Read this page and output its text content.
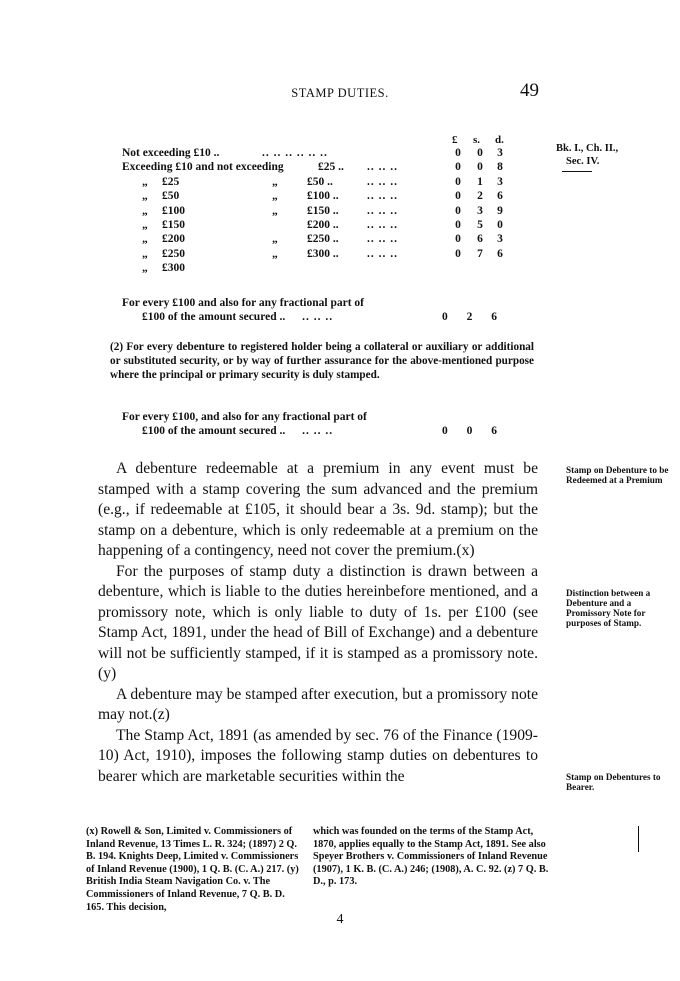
STAMP DUTIES.	49
Bk. I., Ch. II.,
Sec. IV.
£ s. d.
Not exceeding £10 ..	.. .. .. .. .. ..	0 0 3
Exceeding £10 and not exceeding	£25 .. .. .. ..	0 0 8
„ £25	„	£50 ..	.. .. ..	0 1 3
„ £50	„	£100 .. .. .. ..	0 2 6
„ £100	„	£150 .. .. .. ..	0 3 9
„ £150	£200 .. .. .. ..	0 5 0
„ £200	„	£250 .. .. .. ..	0 6 3
„ £250	„	£300 .. .. .. ..	0 7 6
„ £300
For every £100 and also for any fractional part of
£100 of the amount secured .. .. .. ..	0 2 6
(2) For every debenture to registered holder being a collateral or auxiliary or additional or substituted security, or by way of further assurance for the above-mentioned purpose where the principal or primary security is duly stamped.
For every £100, and also for any fractional part of
£100 of the amount secured .. .. .. ..	0 0 6

A debenture redeemable at a premium in any event must be stamped with a stamp covering the sum advanced and the premium (e.g., if redeemable at £105, it should bear a 3s. 9d. stamp); but the stamp on a debenture, which is only redeemable at a premium on the happening of a contingency, need not cover the premium.(x)

For the purposes of stamp duty a distinction is drawn between a debenture, which is liable to the duties hereinbefore mentioned, and a promissory note, which is only liable to duty of 1s. per £100 (see Stamp Act, 1891, under the head of Bill of Exchange) and a debenture will not be sufficiently stamped, if it is stamped as a promissory note.(y)

A debenture may be stamped after execution, but a promissory note may not.(z)

The Stamp Act, 1891 (as amended by sec. 76 of the Finance (1909-10) Act, 1910), imposes the following stamp duties on debentures to bearer which are marketable securities within the

Stamp on Debenture to be Redeemed at a Premium
Distinction between a Debenture and a Promissory Note for purposes of Stamp.
Stamp on Debentures to Bearer.
(x) Rowell & Son, Limited v. Commissioners of Inland Revenue, 13 Times L. R. 324; (1897) 2 Q. B. 194. Knights Deep, Limited v. Commissioners of Inland Revenue (1900), 1 Q. B. (C. A.) 217. (y) British India Steam Navigation Co. v. The Commissioners of Inland Revenue, 7 Q. B. D. 165. This decision,
which was founded on the terms of the Stamp Act, 1870, applies equally to the Stamp Act, 1891. See also Speyer Brothers v. Commissioners of Inland Revenue (1907), 1 K. B. (C. A.) 246; (1908), A. C. 92. (z) 7 Q. B. D., p. 173.
4
